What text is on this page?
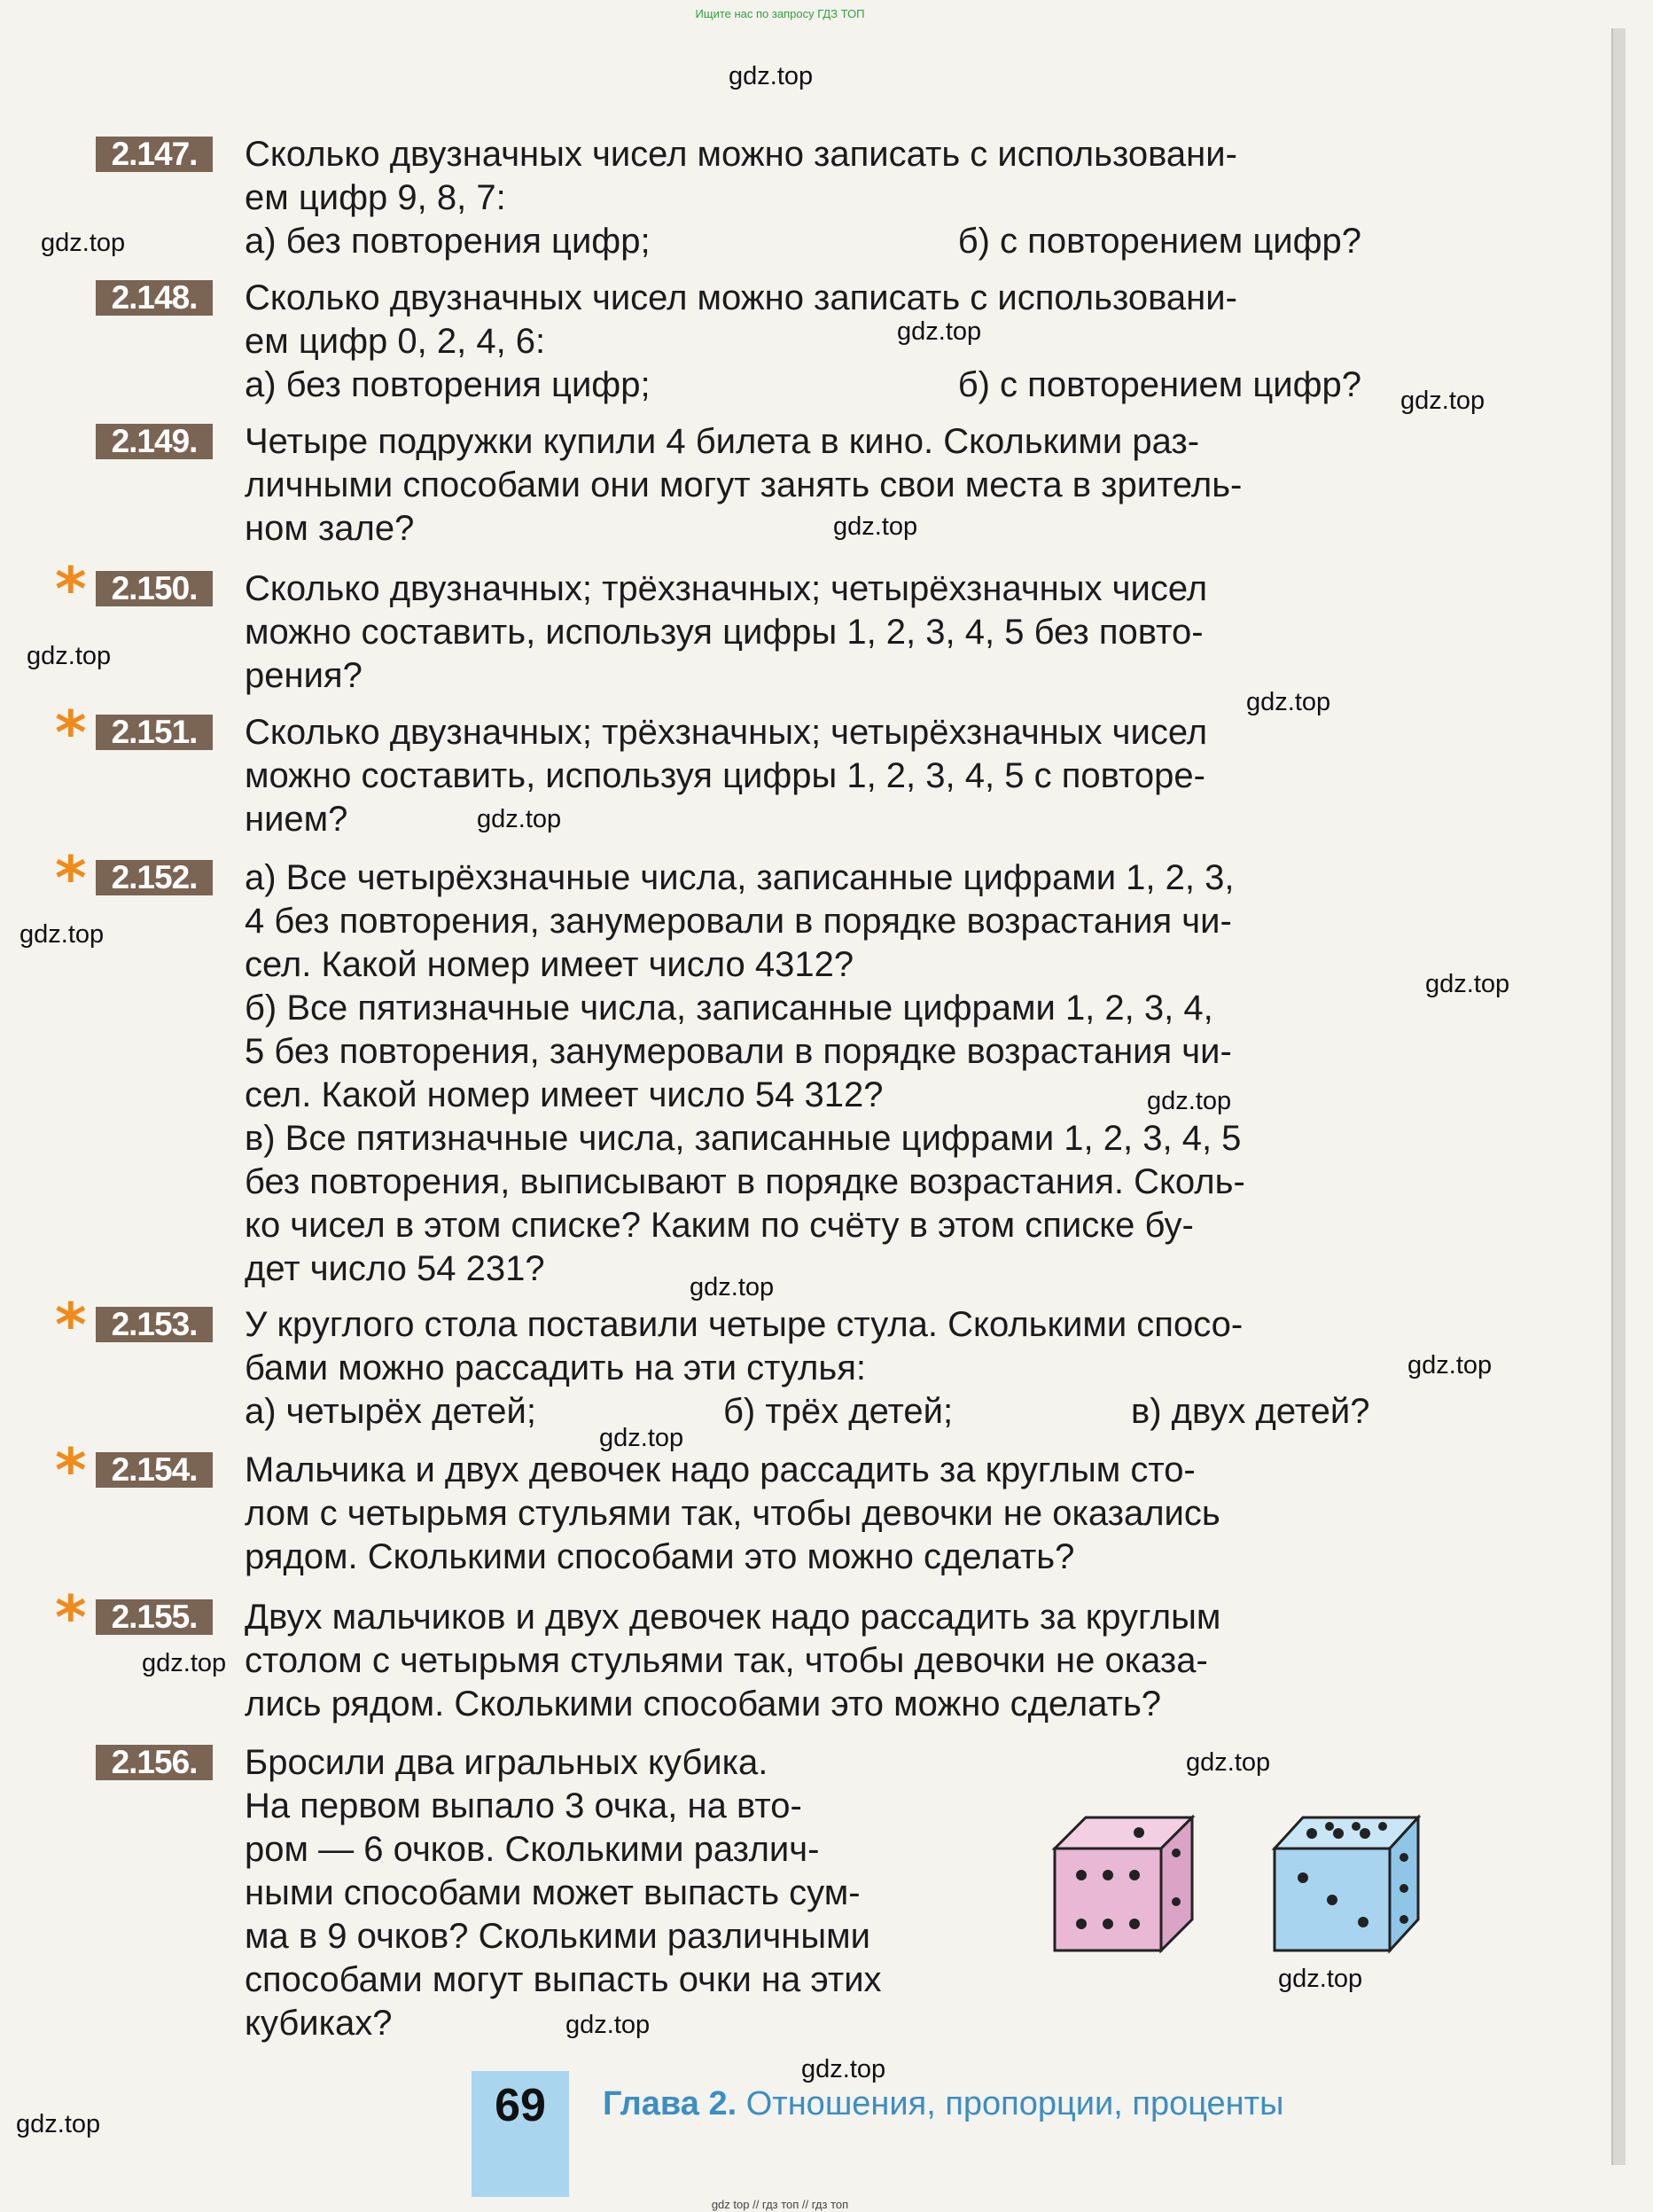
Ищите нас по запросу ГДЗ ТОП
gdz.top
gdz.top
gdz.top
gdz.top
gdz.top
gdz.top
gdz.top
gdz.top
gdz.top
gdz.top
gdz.top
gdz.top
gdz.top
gdz.top
gdz.top
gdz.top
gdz.top
gdz.top
gdz.top
gdz.top
2.147.	Сколько двузначных чисел можно записать с использовани-
ем цифр 9, 8, 7:
а) без повторения цифр;	б) с повторением цифр?
2.148.	Сколько двузначных чисел можно записать с использовани-
ем цифр 0, 2, 4, 6:
а) без повторения цифр;	б) с повторением цифр?
2.149.	Четыре подружки купили 4 билета в кино. Сколькими раз-
личными способами они могут занять свои места в зритель-
ном зале?
* 2.150.	Сколько двузначных; трёхзначных; четырёхзначных чисел
можно составить, используя цифры 1, 2, 3, 4, 5 без повто-
рения?
* 2.151.	Сколько двузначных; трёхзначных; четырёхзначных чисел
можно составить, используя цифры 1, 2, 3, 4, 5 с повторе-
нием?
* 2.152.	а) Все четырёхзначные числа, записанные цифрами 1, 2, 3,
4 без повторения, занумеровали в порядке возрастания чи-
сел. Какой номер имеет число 4312?
б) Все пятизначные числа, записанные цифрами 1, 2, 3, 4,
5 без повторения, занумеровали в порядке возрастания чи-
сел. Какой номер имеет число 54 312?
в) Все пятизначные числа, записанные цифрами 1, 2, 3, 4, 5
без повторения, выписывают в порядке возрастания. Сколь-
ко чисел в этом списке? Каким по счёту в этом списке бу-
дет число 54 231?
* 2.153.	У круглого стола поставили четыре стула. Сколькими спосо-
бами можно рассадить на эти стулья:
а) четырёх детей;	б) трёх детей;	в) двух детей?
* 2.154.	Мальчика и двух девочек надо рассадить за круглым сто-
лом с четырьмя стульями так, чтобы девочки не оказались
рядом. Сколькими способами это можно сделать?
* 2.155.	Двух мальчиков и двух девочек надо рассадить за круглым
столом с четырьмя стульями так, чтобы девочки не оказа-
лись рядом. Сколькими способами это можно сделать?
2.156.	Бросили два игральных кубика.
На первом выпало 3 очка, на вто-
ром — 6 очков. Сколькими различ-
ными способами может выпасть сум-
ма в 9 очков? Сколькими различными
способами могут выпасть очки на этих
кубиках?
69	Глава 2. Отношения, пропорции, проценты
gdz top // гдз топ // гдз топ
